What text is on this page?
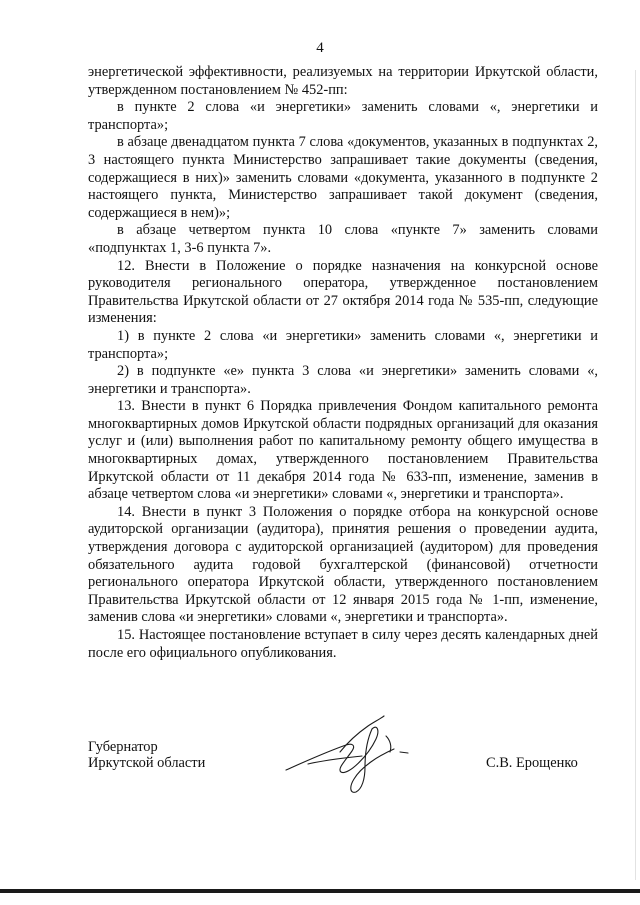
4

энергетической эффективности, реализуемых на территории Иркутской области, утвержденном постановлением № 452-пп:

в пункте 2 слова «и энергетики» заменить словами «, энергетики и транспорта»;

в абзаце двенадцатом пункта 7 слова «документов, указанных в подпунктах 2, 3 настоящего пункта Министерство запрашивает такие документы (сведения, содержащиеся в них)» заменить словами «документа, указанного в подпункте 2 настоящего пункта, Министерство запрашивает такой документ (сведения, содержащиеся в нем)»;

в абзаце четвертом пункта 10 слова «пункте 7» заменить словами «подпунктах 1, 3-6 пункта 7».

12. Внести в Положение о порядке назначения на конкурсной основе руководителя регионального оператора, утвержденное постановлением Правительства Иркутской области от 27 октября 2014 года № 535-пп, следующие изменения:

1) в пункте 2 слова «и энергетики» заменить словами «, энергетики и транспорта»;

2) в подпункте «е» пункта 3 слова «и энергетики» заменить словами «, энергетики и транспорта».

13. Внести в пункт 6 Порядка привлечения Фондом капитального ремонта многоквартирных домов Иркутской области подрядных организаций для оказания услуг и (или) выполнения работ по капитальному ремонту общего имущества в многоквартирных домах, утвержденного постановлением Правительства Иркутской области от 11 декабря 2014 года № 633-пп, изменение, заменив в абзаце четвертом слова «и энергетики» словами «, энергетики и транспорта».

14. Внести в пункт 3 Положения о порядке отбора на конкурсной основе аудиторской организации (аудитора), принятия решения о проведении аудита, утверждения договора с аудиторской организацией (аудитором) для проведения обязательного аудита годовой бухгалтерской (финансовой) отчетности регионального оператора Иркутской области, утвержденного постановлением Правительства Иркутской области от 12 января 2015 года № 1-пп, изменение, заменив слова «и энергетики» словами «, энергетики и транспорта».

15. Настоящее постановление вступает в силу через десять календарных дней после его официального опубликования.

Губернатор
Иркутской области	С.В. Ерощенко
